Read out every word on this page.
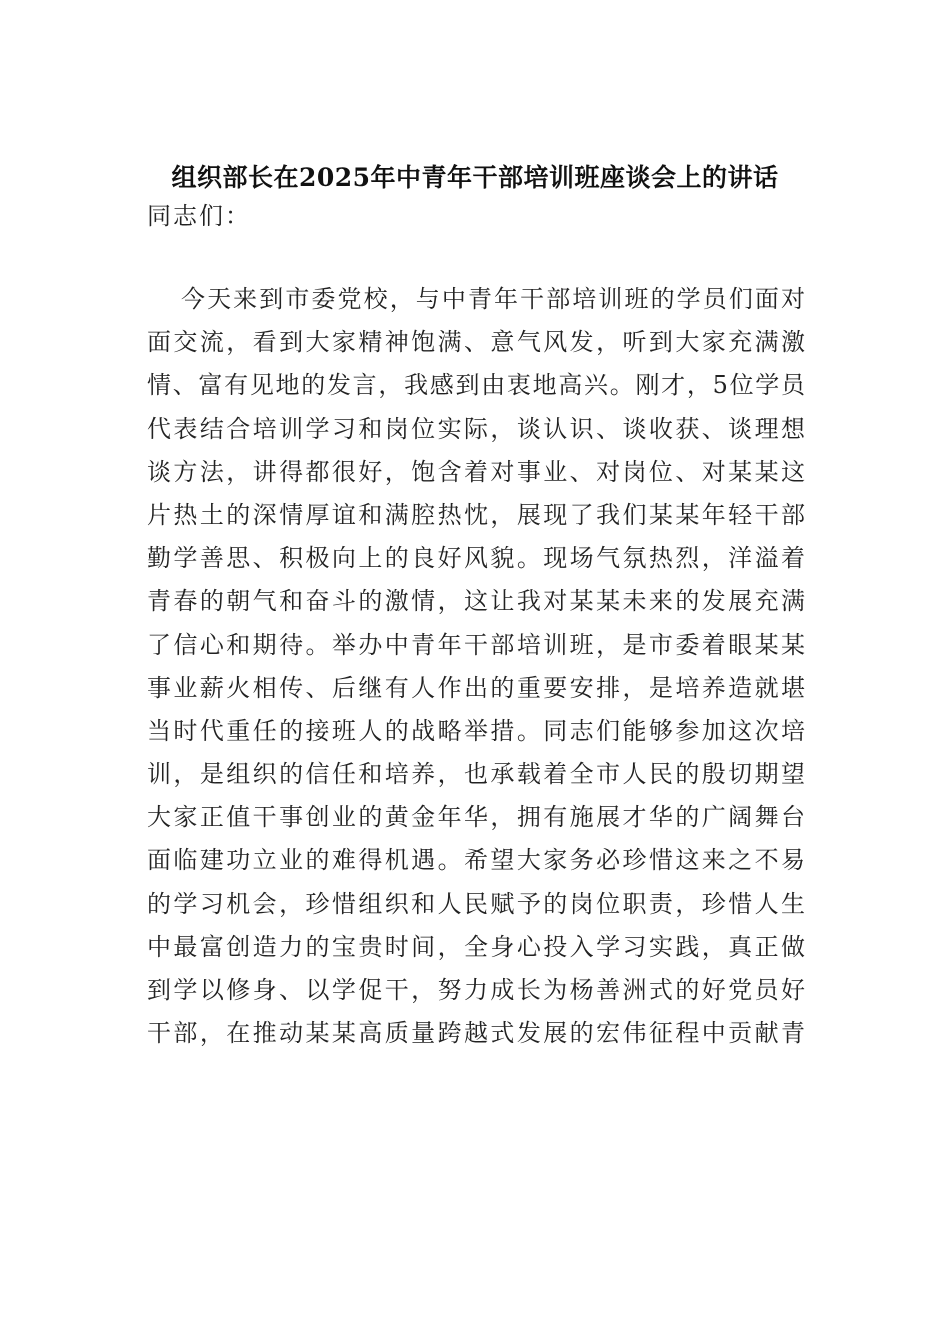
组织部长在2025年中青年干部培训班座谈会上的讲话
同志们：
今天来到市委党校，与中青年干部培训班的学员们面对
面交流，看到大家精神饱满、意气风发，听到大家充满激
情、富有见地的发言，我感到由衷地高兴。刚才，5位学员
代表结合培训学习和岗位实际，谈认识、谈收获、谈理想
谈方法，讲得都很好，饱含着对事业、对岗位、对某某这
片热土的深情厚谊和满腔热忱，展现了我们某某年轻干部
勤学善思、积极向上的良好风貌。现场气氛热烈，洋溢着
青春的朝气和奋斗的激情，这让我对某某未来的发展充满
了信心和期待。举办中青年干部培训班，是市委着眼某某
事业薪火相传、后继有人作出的重要安排，是培养造就堪
当时代重任的接班人的战略举措。同志们能够参加这次培
训，是组织的信任和培养，也承载着全市人民的殷切期望
大家正值干事创业的黄金年华，拥有施展才华的广阔舞台
面临建功立业的难得机遇。希望大家务必珍惜这来之不易
的学习机会，珍惜组织和人民赋予的岗位职责，珍惜人生
中最富创造力的宝贵时间，全身心投入学习实践，真正做
到学以修身、以学促干，努力成长为杨善洲式的好党员好
干部，在推动某某高质量跨越式发展的宏伟征程中贡献青
